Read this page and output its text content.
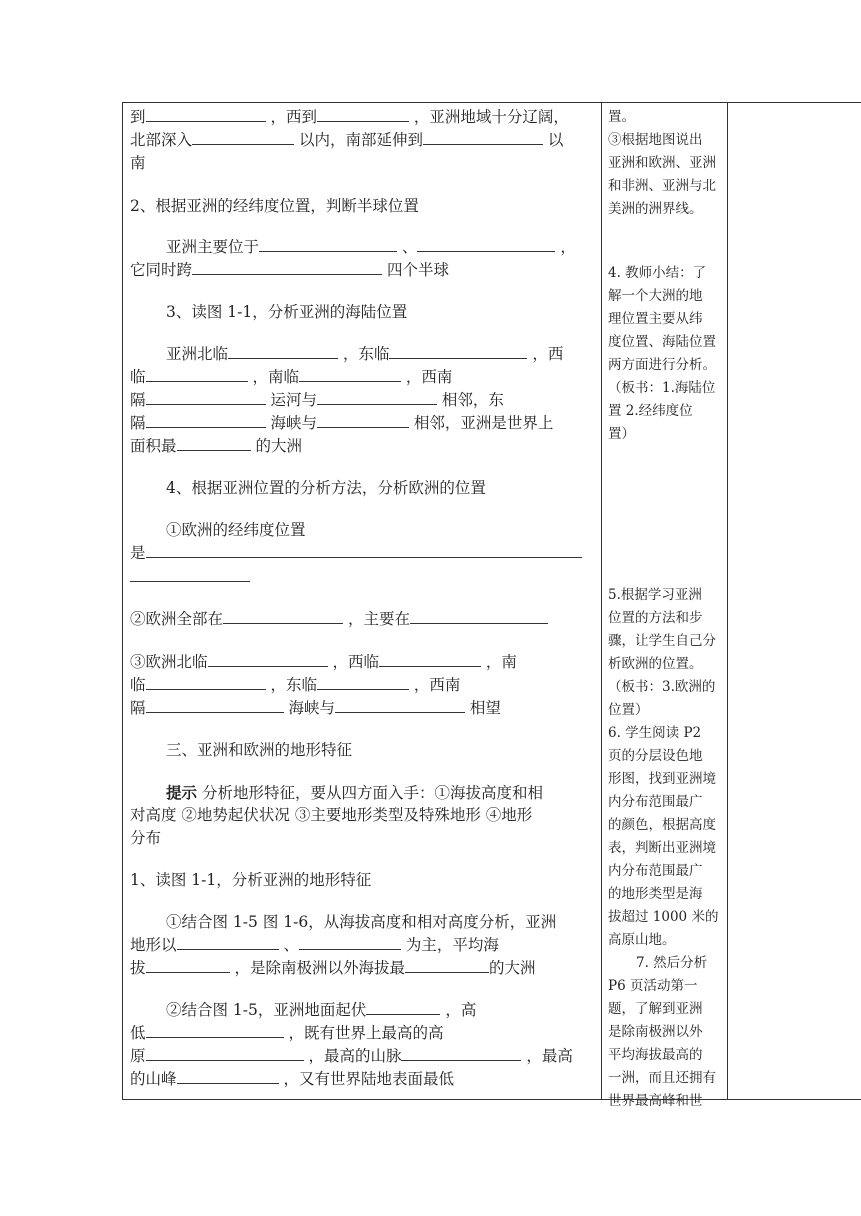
到	，西到	，亚洲地域十分辽阔，
北部深入	以内，南部延伸到	以
南
2、根据亚洲的经纬度位置，判断半球位置
亚洲主要位于	、	，
它同时跨	四个半球
3、读图 1-1，分析亚洲的海陆位置
亚洲北临	，东临	，西
临	，南临	，西南
隔	运河与	相邻，东
隔	海峡与	相邻，亚洲是世界上
面积最	的大洲
4、根据亚洲位置的分析方法，分析欧洲的位置
①欧洲的经纬度位置
是
②欧洲全部在	，主要在
③欧洲北临	，西临	，南
临	，东临	，西南
隔	海峡与	相望
三、亚洲和欧洲的地形特征
提示 分析地形特征，要从四方面入手：①海拔高度和相
对高度 ②地势起伏状况 ③主要地形类型及特殊地形 ④地形
分布
1、读图 1-1，分析亚洲的地形特征
①结合图 1-5 图 1-6，从海拔高度和相对高度分析，亚洲
地形以	、	为主，平均海
拔	，是除南极洲以外海拔最	的大洲
②结合图 1-5，亚洲地面起伏	，高
低	，既有世界上最高的高
原	，最高的山脉	，最高
的山峰	，又有世界陆地表面最低
置。
③根据地图说出
亚洲和欧洲、亚洲
和非洲、亚洲与北
美洲的洲界线。
4. 教师小结：了
解一个大洲的地
理位置主要从纬
度位置、海陆位置
两方面进行分析。
（板书：1.海陆位
置 2.经纬度位
置）
5.根据学习亚洲
位置的方法和步
骤，让学生自己分
析欧洲的位置。
（板书：3.欧洲的
位置）
6. 学生阅读 P2
页的分层设色地
形图，找到亚洲境
内分布范围最广
的颜色，根据高度
表，判断出亚洲境
内分布范围最广
的地形类型是海
拔超过 1000 米的
高原山地。
7. 然后分析
P6 页活动第一
题，了解到亚洲
是除南极洲以外
平均海拔最高的
一洲，而且还拥有
世界最高峰和世
